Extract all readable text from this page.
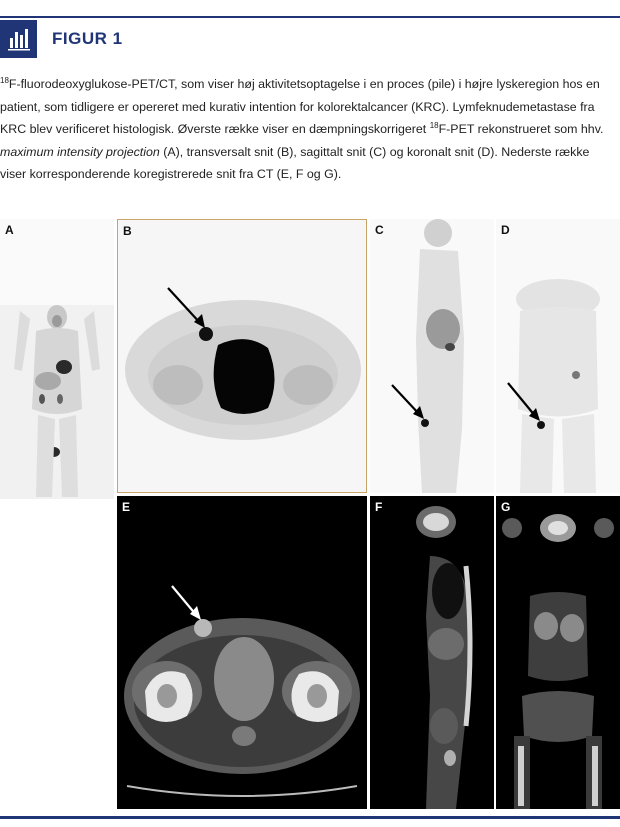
FIGUR 1
$^{18}$F-fluorodeoxyglukose-PET/CT, som viser høj aktivitetsoptagelse i en proces (pile) i højre lyskeregion hos en patient, som tidligere er opereret med kurativ intention for kolorektalcancer (KRC). Lymfeknudemetastase fra KRC blev verificeret histologisk. Øverste række viser en dæmpningskorrigeret $^{18}$F-PET rekonstrueret som hhv. maximum intensity projection (A), transversalt snit (B), sagittalt snit (C) og koronalt snit (D). Nederste række viser korresponderende koregistrerede snit fra CT (E, F og G).
A	B	C	D
E	F	G
